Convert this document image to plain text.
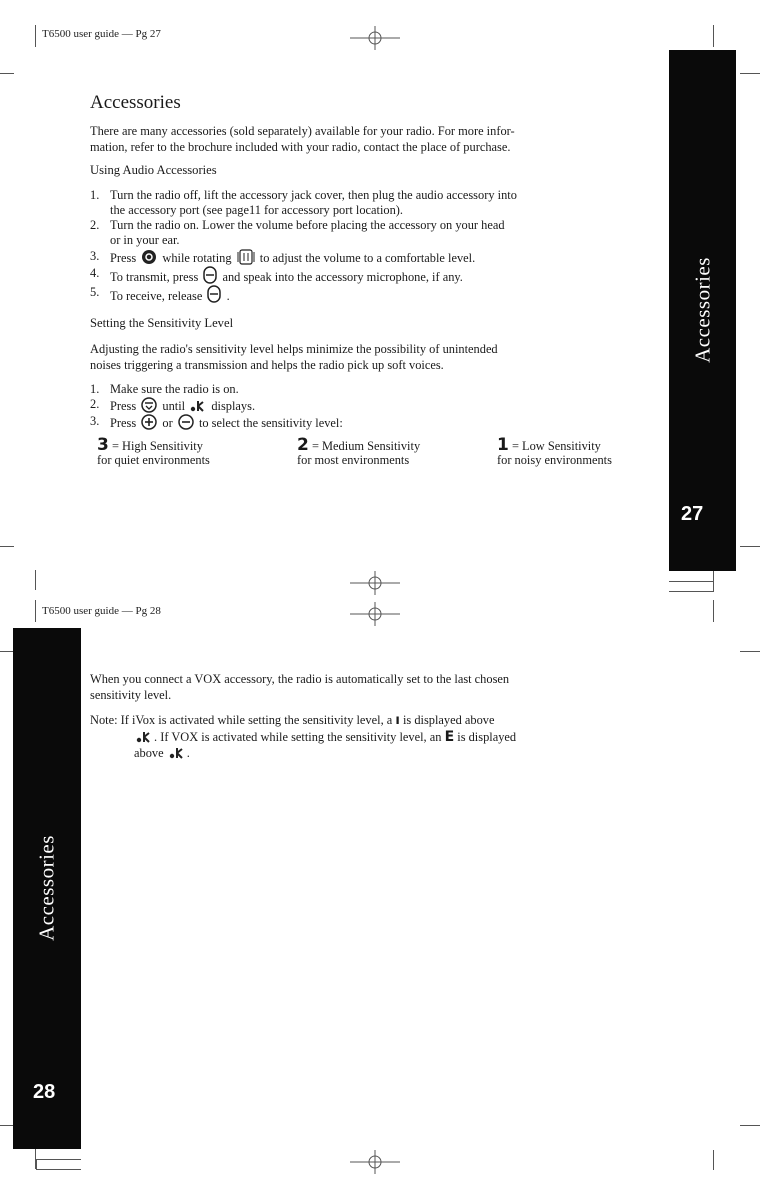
T6500 user guide — Pg 27
Accessories
27
Accessories

There are many accessories (sold separately) available for your radio. For more infor-
mation, refer to the brochure included with your radio, contact the place of purchase.

Using Audio Accessories

1. Turn the radio off, lift the accessory jack cover, then plug the audio accessory into
the accessory port (see page11 for accessory port location).
2. Turn the radio on. Lower the volume before placing the accessory on your head
or in your ear.
3. Press while rotating to adjust the volume to a comfortable level.
4. To transmit, press and speak into the accessory microphone, if any.
5. To receive, release .

Setting the Sensitivity Level

Adjusting the radio's sensitivity level helps minimize the possibility of unintended
noises triggering a transmission and helps the radio pick up soft voices.

1. Make sure the radio is on.
2. Press until displays.
3. Press or to select the sensitivity level:
3 = High Sensitivity
for quiet environments
2 = Medium Sensitivity
for most environments
1 = Low Sensitivity
for noisy environments
T6500 user guide — Pg 28
Accessories
28

When you connect a VOX accessory, the radio is automatically set to the last chosen
sensitivity level.

Note: If iVox is activated while setting the sensitivity level, a ı is displayed above
. If VOX is activated while setting the sensitivity level, an E is displayed
above .
